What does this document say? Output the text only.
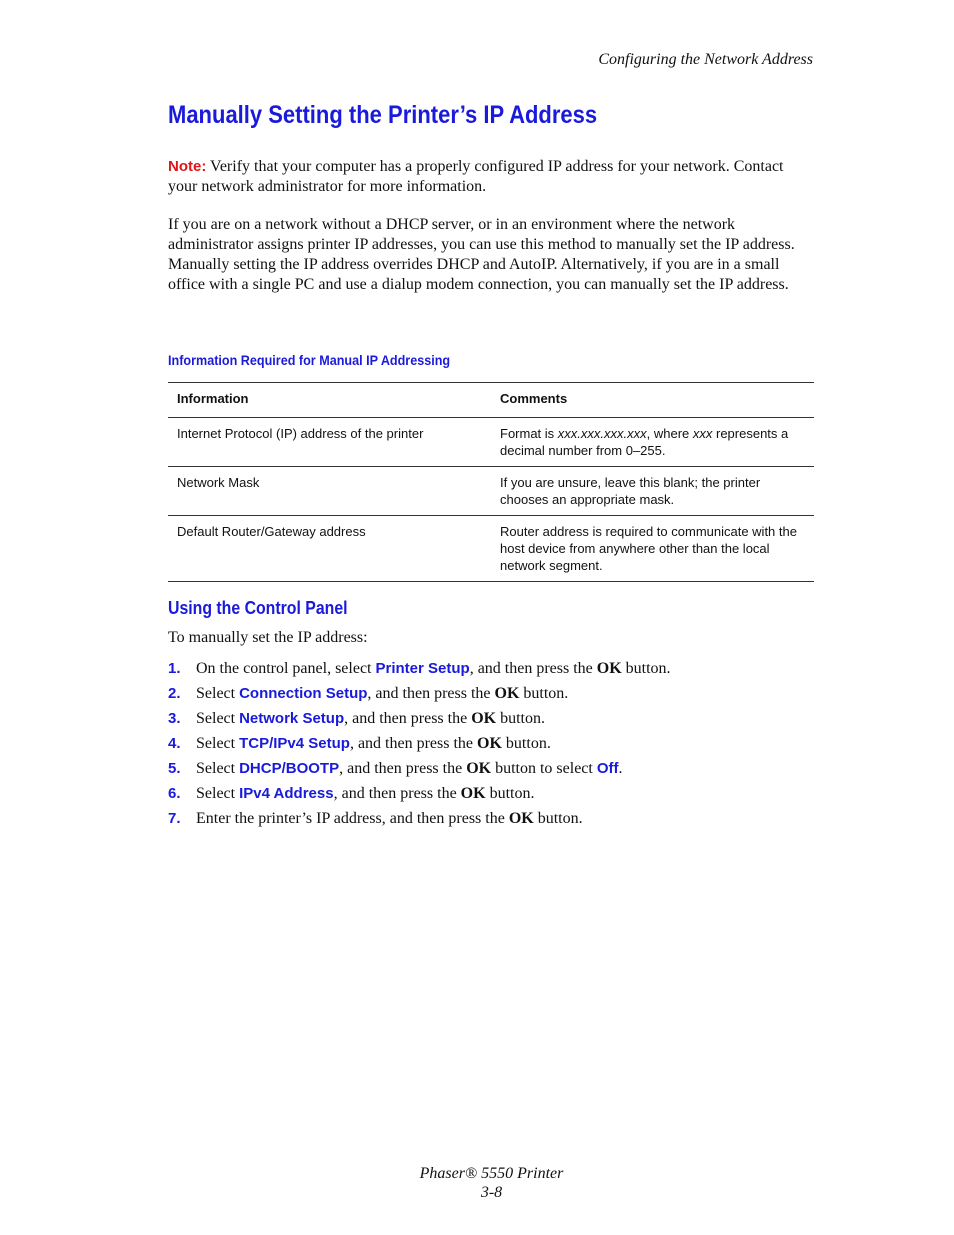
Configuring the Network Address
Manually Setting the Printer’s IP Address

Note: Verify that your computer has a properly configured IP address for your network. Contact your network administrator for more information.

If you are on a network without a DHCP server, or in an environment where the network administrator assigns printer IP addresses, you can use this method to manually set the IP address. Manually setting the IP address overrides DHCP and AutoIP. Alternatively, if you are in a small office with a single PC and use a dialup modem connection, you can manually set the IP address.

Information Required for Manual IP Addressing
Information	Comments
Internet Protocol (IP) address of the printer	Format is xxx.xxx.xxx.xxx, where xxx represents a decimal number from 0–255.
Network Mask	If you are unsure, leave this blank; the printer chooses an appropriate mask.
Default Router/Gateway address	Router address is required to communicate with the host device from anywhere other than the local network segment.
Using the Control Panel

To manually set the IP address:

1. On the control panel, select Printer Setup, and then press the OK button.
2. Select Connection Setup, and then press the OK button.
3. Select Network Setup, and then press the OK button.
4. Select TCP/IPv4 Setup, and then press the OK button.
5. Select DHCP/BOOTP, and then press the OK button to select Off.
6. Select IPv4 Address, and then press the OK button.
7. Enter the printer’s IP address, and then press the OK button.
Phaser® 5550 Printer
3-8
